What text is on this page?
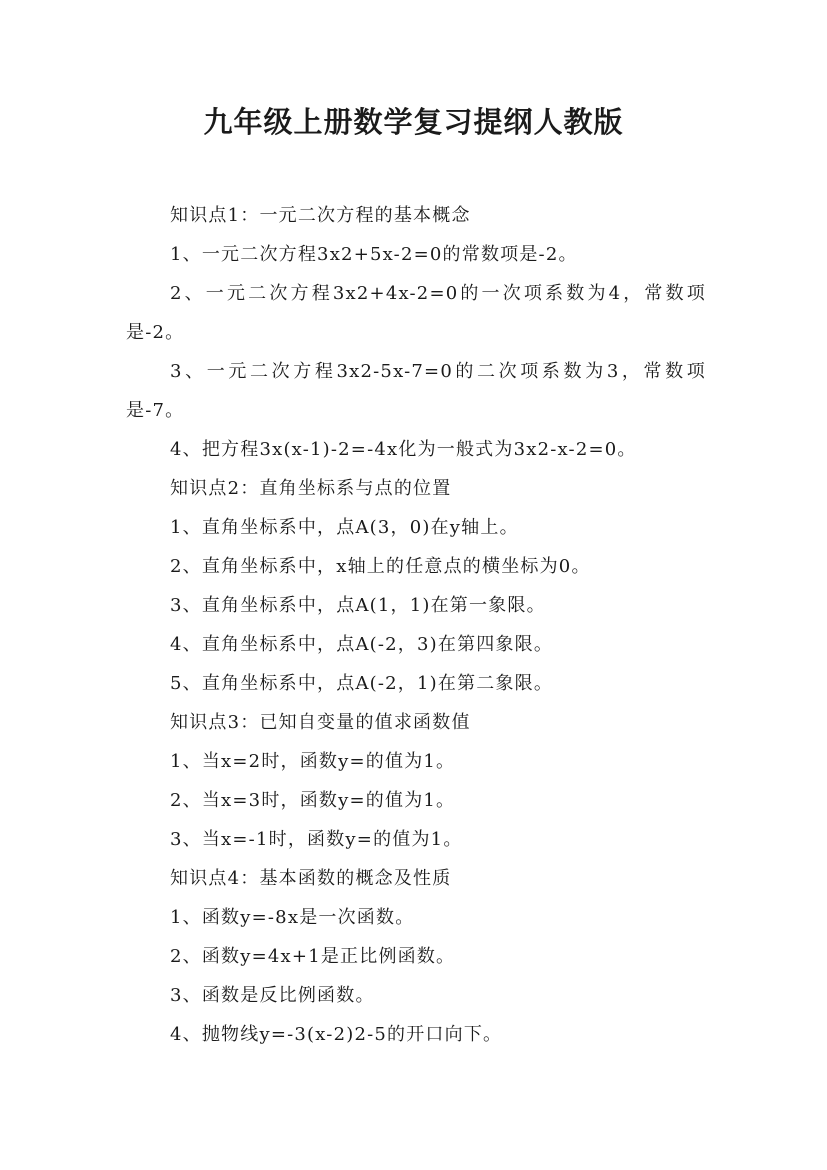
九年级上册数学复习提纲人教版

知识点1：一元二次方程的基本概念

1、一元二次方程3x2+5x-2=0的常数项是-2。

2、一元二次方程3x2+4x-2=0的一次项系数为4，常数项是-2。

3、一元二次方程3x2-5x-7=0的二次项系数为3，常数项是-7。

4、把方程3x(x-1)-2=-4x化为一般式为3x2-x-2=0。

知识点2：直角坐标系与点的位置

1、直角坐标系中，点A(3，0)在y轴上。

2、直角坐标系中，x轴上的任意点的横坐标为0。

3、直角坐标系中，点A(1，1)在第一象限。

4、直角坐标系中，点A(-2，3)在第四象限。

5、直角坐标系中，点A(-2，1)在第二象限。

知识点3：已知自变量的值求函数值

1、当x=2时，函数y=的值为1。

2、当x=3时，函数y=的值为1。

3、当x=-1时，函数y=的值为1。

知识点4：基本函数的概念及性质

1、函数y=-8x是一次函数。

2、函数y=4x+1是正比例函数。

3、函数是反比例函数。

4、抛物线y=-3(x-2)2-5的开口向下。
